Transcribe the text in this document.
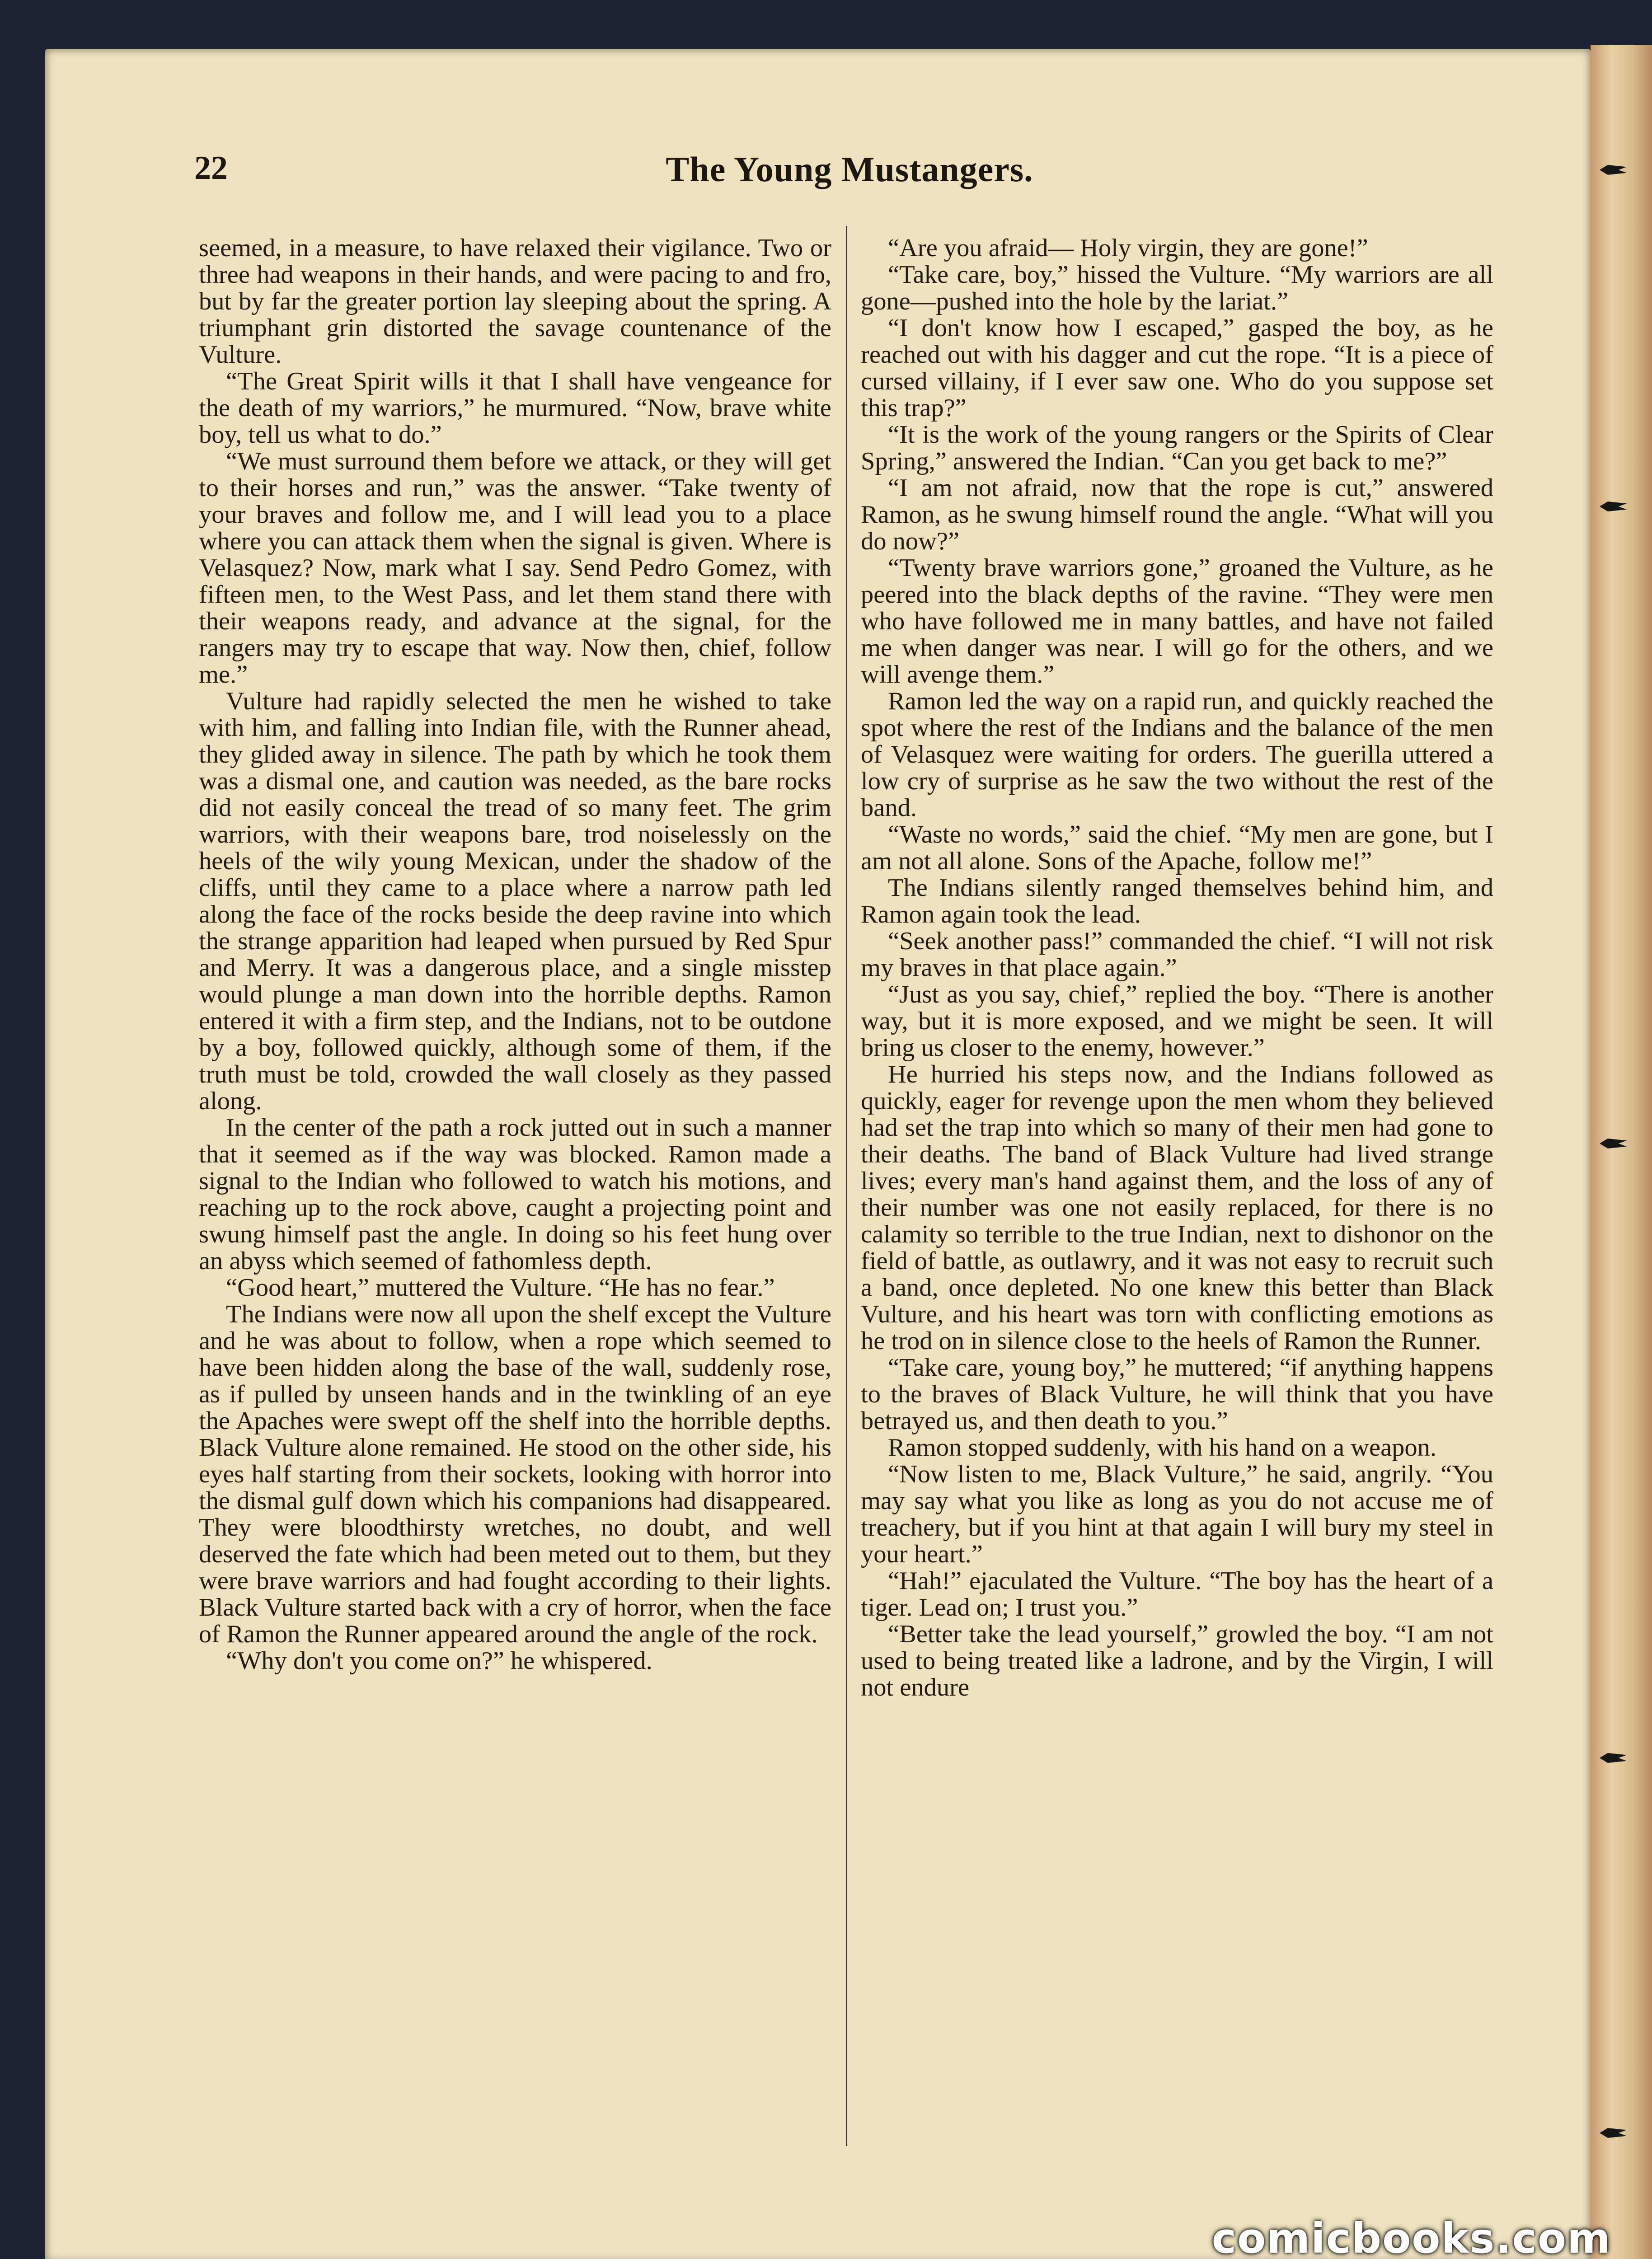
22	The Young Mustangers.

seemed, in a measure, to have relaxed their vigilance. Two or three had weapons in their hands, and were pacing to and fro, but by far the greater portion lay sleeping about the spring. A triumphant grin distorted the savage countenance of the Vulture.

“The Great Spirit wills it that I shall have vengeance for the death of my warriors,” he murmured. “Now, brave white boy, tell us what to do.”

“We must surround them before we attack, or they will get to their horses and run,” was the answer. “Take twenty of your braves and follow me, and I will lead you to a place where you can attack them when the signal is given. Where is Velasquez? Now, mark what I say. Send Pedro Gomez, with fifteen men, to the West Pass, and let them stand there with their weapons ready, and advance at the signal, for the rangers may try to escape that way. Now then, chief, follow me.”

Vulture had rapidly selected the men he wished to take with him, and falling into Indian file, with the Runner ahead, they glided away in silence. The path by which he took them was a dismal one, and caution was needed, as the bare rocks did not easily conceal the tread of so many feet. The grim warriors, with their weapons bare, trod noiselessly on the heels of the wily young Mexican, under the shadow of the cliffs, until they came to a place where a narrow path led along the face of the rocks beside the deep ravine into which the strange apparition had leaped when pursued by Red Spur and Merry. It was a dangerous place, and a single misstep would plunge a man down into the horrible depths. Ramon entered it with a firm step, and the Indians, not to be outdone by a boy, followed quickly, although some of them, if the truth must be told, crowded the wall closely as they passed along.

In the center of the path a rock jutted out in such a manner that it seemed as if the way was blocked. Ramon made a signal to the Indian who followed to watch his motions, and reaching up to the rock above, caught a projecting point and swung himself past the angle. In doing so his feet hung over an abyss which seemed of fathomless depth.

“Good heart,” muttered the Vulture. “He has no fear.”

The Indians were now all upon the shelf except the Vulture and he was about to follow, when a rope which seemed to have been hidden along the base of the wall, suddenly rose, as if pulled by unseen hands and in the twinkling of an eye the Apaches were swept off the shelf into the horrible depths. Black Vulture alone remained. He stood on the other side, his eyes half starting from their sockets, looking with horror into the dismal gulf down which his companions had disappeared. They were bloodthirsty wretches, no doubt, and well deserved the fate which had been meted out to them, but they were brave warriors and had fought according to their lights. Black Vulture started back with a cry of horror, when the face of Ramon the Runner appeared around the angle of the rock.

“Why don't you come on?” he whispered.

“Are you afraid— Holy virgin, they are gone!”

“Take care, boy,” hissed the Vulture. “My warriors are all gone—pushed into the hole by the lariat.”

“I don't know how I escaped,” gasped the boy, as he reached out with his dagger and cut the rope. “It is a piece of cursed villainy, if I ever saw one. Who do you suppose set this trap?”

“It is the work of the young rangers or the Spirits of Clear Spring,” answered the Indian. “Can you get back to me?”

“I am not afraid, now that the rope is cut,” answered Ramon, as he swung himself round the angle. “What will you do now?”

“Twenty brave warriors gone,” groaned the Vulture, as he peered into the black depths of the ravine. “They were men who have followed me in many battles, and have not failed me when danger was near. I will go for the others, and we will avenge them.”

Ramon led the way on a rapid run, and quickly reached the spot where the rest of the Indians and the balance of the men of Velasquez were waiting for orders. The guerilla uttered a low cry of surprise as he saw the two without the rest of the band.

“Waste no words,” said the chief. “My men are gone, but I am not all alone. Sons of the Apache, follow me!”

The Indians silently ranged themselves behind him, and Ramon again took the lead.

“Seek another pass!” commanded the chief. “I will not risk my braves in that place again.”

“Just as you say, chief,” replied the boy. “There is another way, but it is more exposed, and we might be seen. It will bring us closer to the enemy, however.”

He hurried his steps now, and the Indians followed as quickly, eager for revenge upon the men whom they believed had set the trap into which so many of their men had gone to their deaths. The band of Black Vulture had lived strange lives; every man's hand against them, and the loss of any of their number was one not easily replaced, for there is no calamity so terrible to the true Indian, next to dishonor on the field of battle, as outlawry, and it was not easy to recruit such a band, once depleted. No one knew this better than Black Vulture, and his heart was torn with conflicting emotions as he trod on in silence close to the heels of Ramon the Runner.

“Take care, young boy,” he muttered; “if anything happens to the braves of Black Vulture, he will think that you have betrayed us, and then death to you.”

Ramon stopped suddenly, with his hand on a weapon.

“Now listen to me, Black Vulture,” he said, angrily. “You may say what you like as long as you do not accuse me of treachery, but if you hint at that again I will bury my steel in your heart.”

“Hah!” ejaculated the Vulture. “The boy has the heart of a tiger. Lead on; I trust you.”

“Better take the lead yourself,” growled the boy. “I am not used to being treated like a ladrone, and by the Virgin, I will not endure

comicbooks.com
